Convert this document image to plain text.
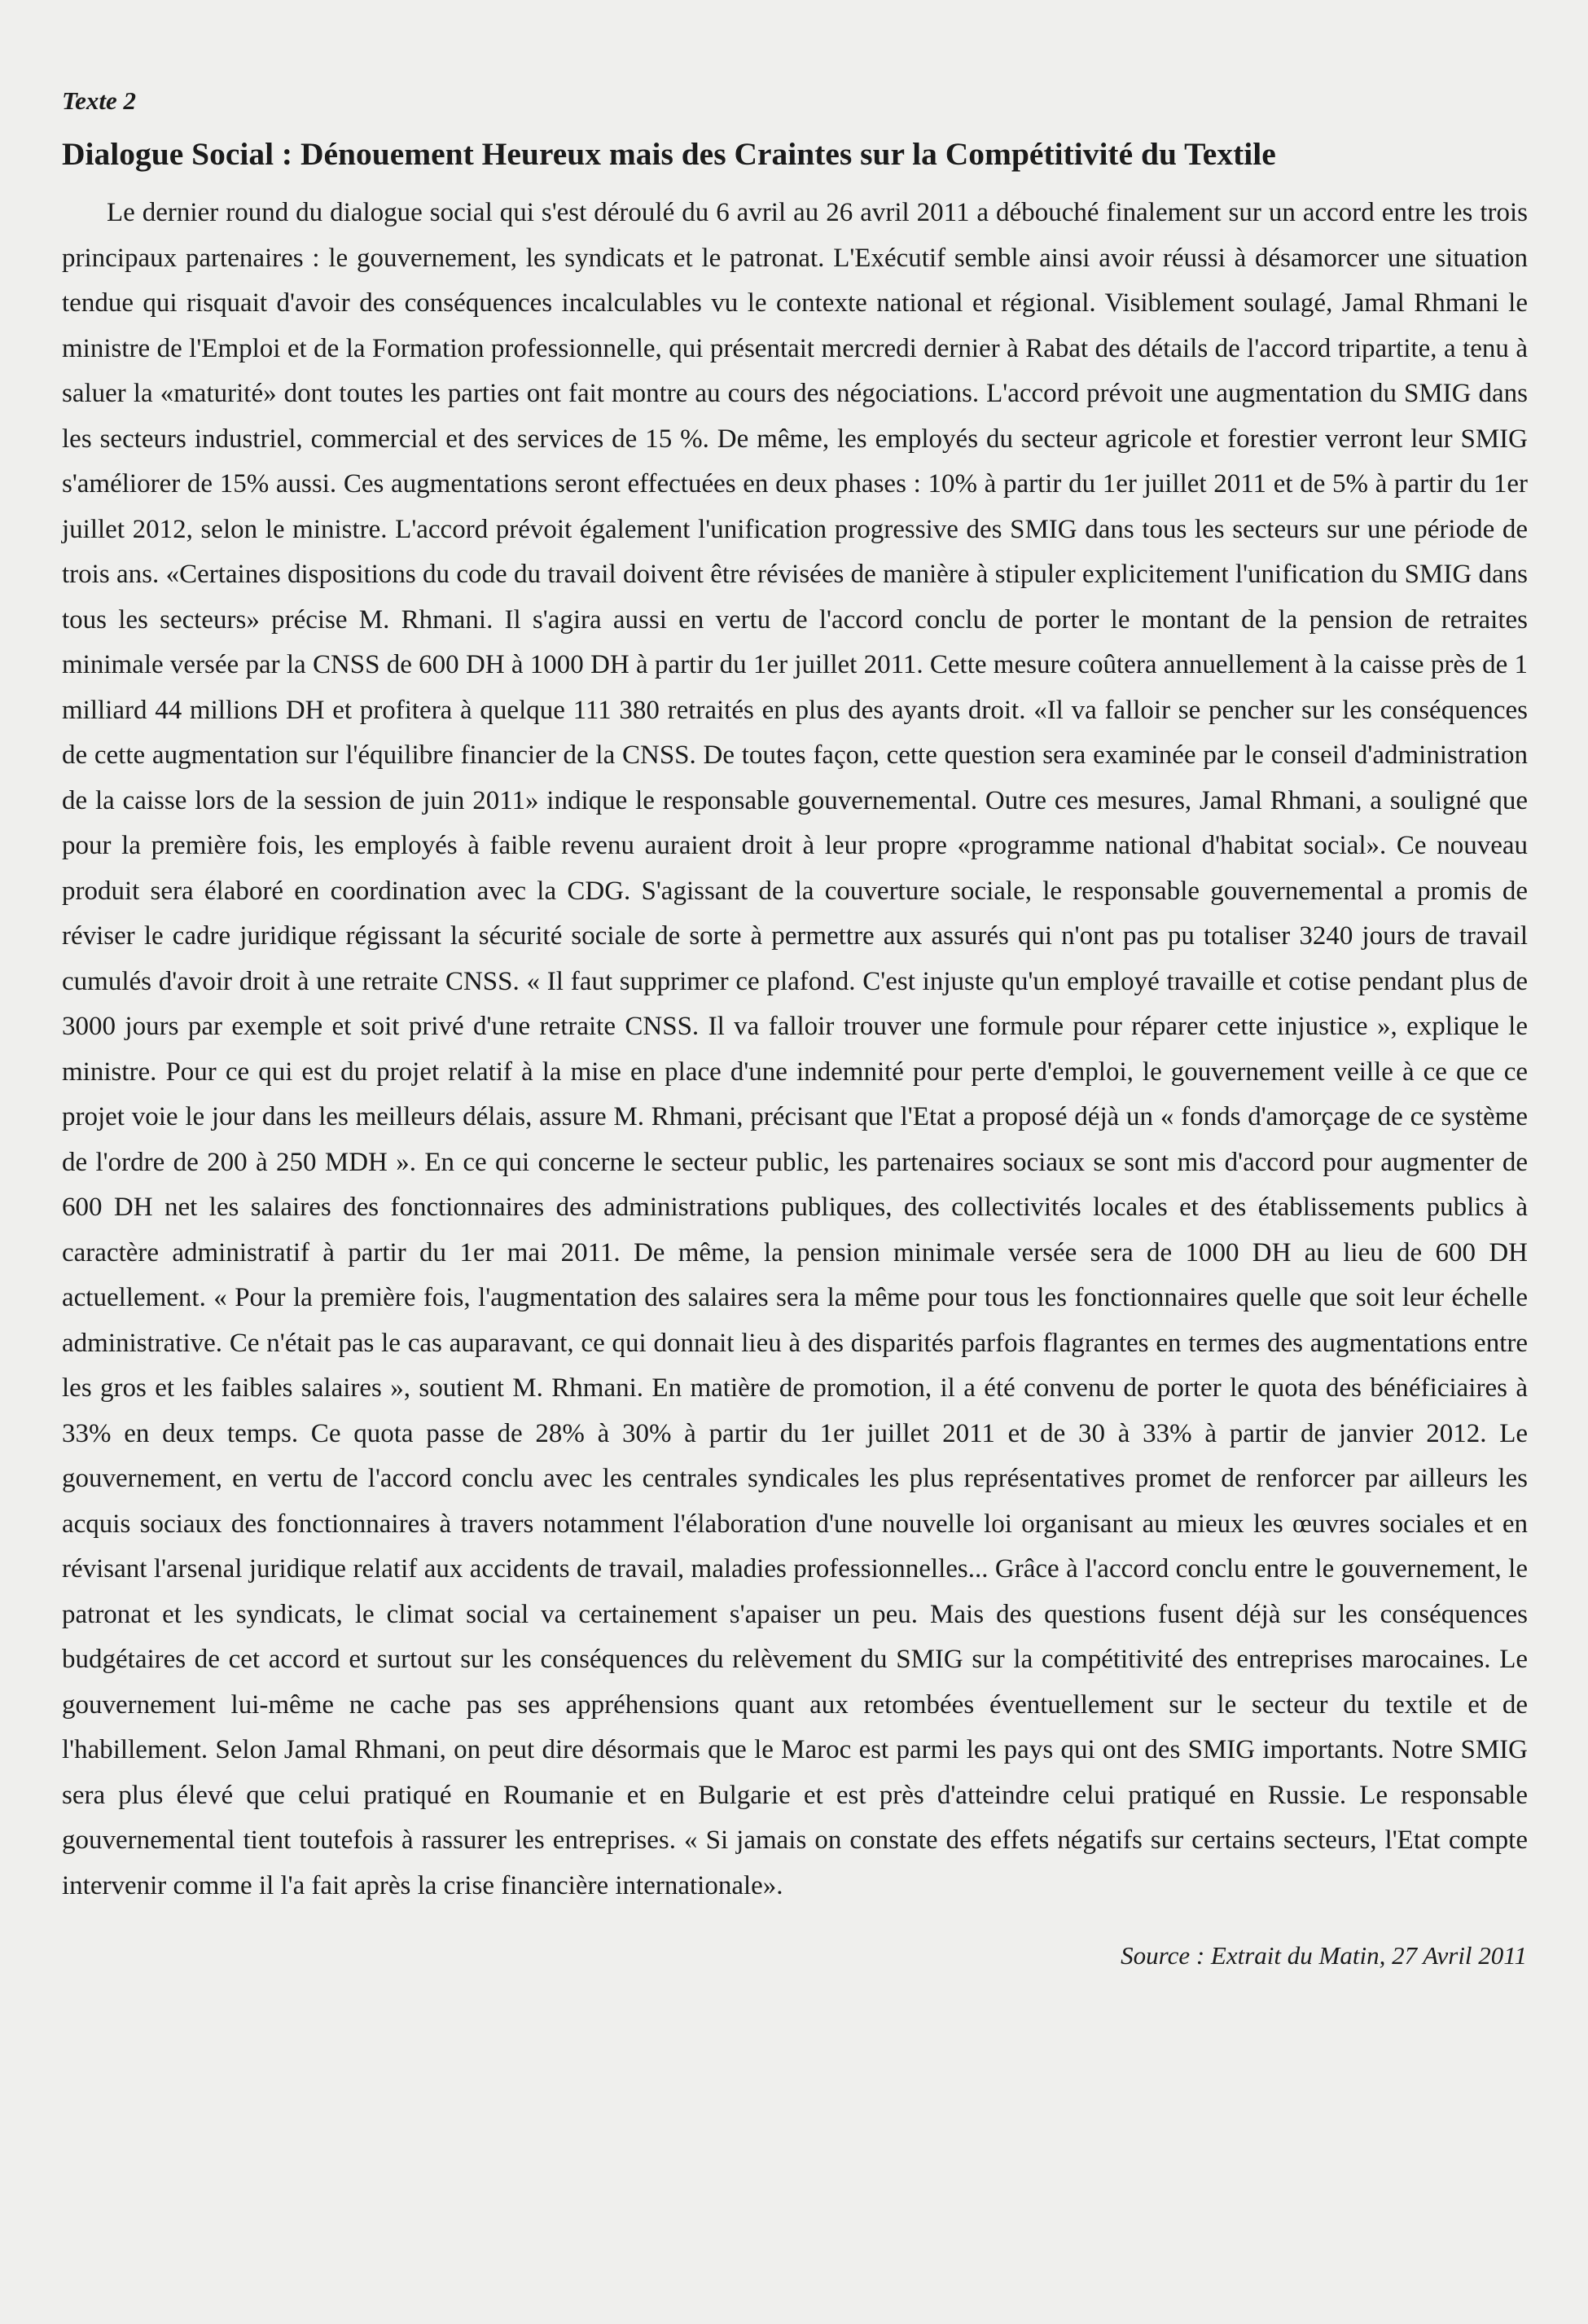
Texte 2
Dialogue Social : Dénouement Heureux mais des Craintes sur la Compétitivité du Textile

Le dernier round du dialogue social qui s'est déroulé du 6 avril au 26 avril 2011 a débouché finalement sur un accord entre les trois principaux partenaires : le gouvernement, les syndicats et le patronat. L'Exécutif semble ainsi avoir réussi à désamorcer une situation tendue qui risquait d'avoir des conséquences incalculables vu le contexte national et régional. Visiblement soulagé, Jamal Rhmani le ministre de l'Emploi et de la Formation professionnelle, qui présentait mercredi dernier à Rabat des détails de l'accord tripartite, a tenu à saluer la «maturité» dont toutes les parties ont fait montre au cours des négociations. L'accord prévoit une augmentation du SMIG dans les secteurs industriel, commercial et des services de 15 %. De même, les employés du secteur agricole et forestier verront leur SMIG s'améliorer de 15% aussi. Ces augmentations seront effectuées en deux phases : 10% à partir du 1er juillet 2011 et de 5% à partir du 1er juillet 2012, selon le ministre. L'accord prévoit également l'unification progressive des SMIG dans tous les secteurs sur une période de trois ans. «Certaines dispositions du code du travail doivent être révisées de manière à stipuler explicitement l'unification du SMIG dans tous les secteurs» précise M. Rhmani. Il s'agira aussi en vertu de l'accord conclu de porter le montant de la pension de retraites minimale versée par la CNSS de 600 DH à 1000 DH à partir du 1er juillet 2011. Cette mesure coûtera annuellement à la caisse près de 1 milliard 44 millions DH et profitera à quelque 111 380 retraités en plus des ayants droit. «Il va falloir se pencher sur les conséquences de cette augmentation sur l'équilibre financier de la CNSS. De toutes façon, cette question sera examinée par le conseil d'administration de la caisse lors de la session de juin 2011» indique le responsable gouvernemental. Outre ces mesures, Jamal Rhmani, a souligné que pour la première fois, les employés à faible revenu auraient droit à leur propre «programme national d'habitat social». Ce nouveau produit sera élaboré en coordination avec la CDG. S'agissant de la couverture sociale, le responsable gouvernemental a promis de réviser le cadre juridique régissant la sécurité sociale de sorte à permettre aux assurés qui n'ont pas pu totaliser 3240 jours de travail cumulés d'avoir droit à une retraite CNSS. « Il faut supprimer ce plafond. C'est injuste qu'un employé travaille et cotise pendant plus de 3000 jours par exemple et soit privé d'une retraite CNSS. Il va falloir trouver une formule pour réparer cette injustice », explique le ministre. Pour ce qui est du projet relatif à la mise en place d'une indemnité pour perte d'emploi, le gouvernement veille à ce que ce projet voie le jour dans les meilleurs délais, assure M. Rhmani, précisant que l'Etat a proposé déjà un « fonds d'amorçage de ce système de l'ordre de 200 à 250 MDH ». En ce qui concerne le secteur public, les partenaires sociaux se sont mis d'accord pour augmenter de 600 DH net les salaires des fonctionnaires des administrations publiques, des collectivités locales et des établissements publics à caractère administratif à partir du 1er mai 2011. De même, la pension minimale versée sera de 1000 DH au lieu de 600 DH actuellement. « Pour la première fois, l'augmentation des salaires sera la même pour tous les fonctionnaires quelle que soit leur échelle administrative. Ce n'était pas le cas auparavant, ce qui donnait lieu à des disparités parfois flagrantes en termes des augmentations entre les gros et les faibles salaires », soutient M. Rhmani. En matière de promotion, il a été convenu de porter le quota des bénéficiaires à 33% en deux temps. Ce quota passe de 28% à 30% à partir du 1er juillet 2011 et de 30 à 33% à partir de janvier 2012. Le gouvernement, en vertu de l'accord conclu avec les centrales syndicales les plus représentatives promet de renforcer par ailleurs les acquis sociaux des fonctionnaires à travers notamment l'élaboration d'une nouvelle loi organisant au mieux les œuvres sociales et en révisant l'arsenal juridique relatif aux accidents de travail, maladies professionnelles... Grâce à l'accord conclu entre le gouvernement, le patronat et les syndicats, le climat social va certainement s'apaiser un peu. Mais des questions fusent déjà sur les conséquences budgétaires de cet accord et surtout sur les conséquences du relèvement du SMIG sur la compétitivité des entreprises marocaines. Le gouvernement lui-même ne cache pas ses appréhensions quant aux retombées éventuellement sur le secteur du textile et de l'habillement. Selon Jamal Rhmani, on peut dire désormais que le Maroc est parmi les pays qui ont des SMIG importants. Notre SMIG sera plus élevé que celui pratiqué en Roumanie et en Bulgarie et est près d'atteindre celui pratiqué en Russie. Le responsable gouvernemental tient toutefois à rassurer les entreprises. « Si jamais on constate des effets négatifs sur certains secteurs, l'Etat compte intervenir comme il l'a fait après la crise financière internationale».

Source : Extrait du Matin, 27 Avril 2011
